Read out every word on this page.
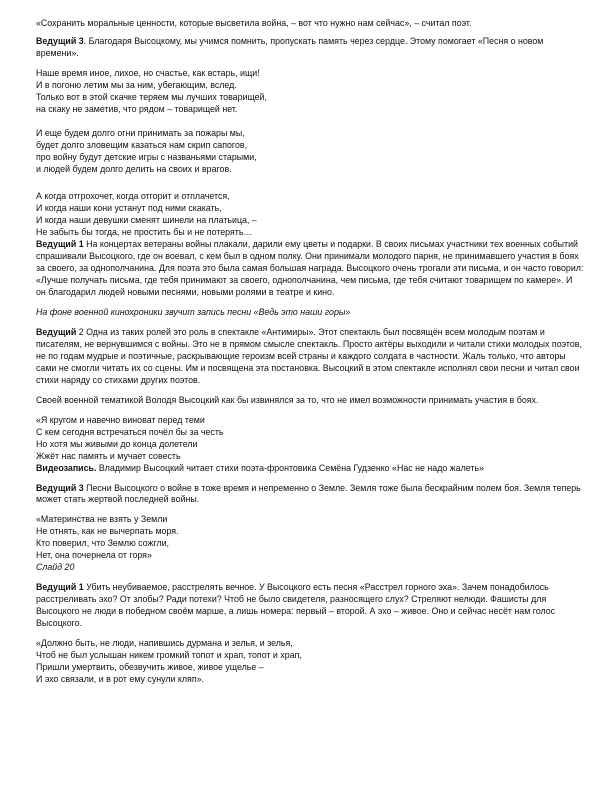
«Сохранить моральные ценности, которые высветила война, – вот что нужно нам сейчас», – считал поэт.

Ведущий 3. Благодаря Высоцкому, мы учимся помнить, пропускать память через сердце. Этому помогает «Песня о новом времени».

Наше время иное, лихое, но счастье, как встарь, ищи!
И в погоню летим мы за ним, убегающим, вслед.
Только вот в этой скачке теряем мы лучших товарищей,
на скаку не заметив, что рядом – товарищей нет.
И еще будем долго огни принимать за пожары мы,
будет долго зловещим казаться нам скрип сапогов,
про войну будут детские игры с названьями старыми,
и людей будем долго делить на своих и врагов.
А когда отгрохочет, когда отгорит и отплачется,
И когда наши кони устанут под ними скакать,
И когда наши девушки сменят шинели на платьица, –
Не забыть бы тогда, не простить бы и не потерять…

Ведущий 1 На концертах ветераны войны плакали, дарили ему цветы и подарки. В своих письмах участники тех военных событий спрашивали Высоцкого, где он воевал, с кем был в одном полку. Они принимали молодого парня, не принимавшего участия в боях за своего, за однополчанина. Для поэта это была самая большая награда. Высоцкого очень трогали эти письма, и он часто говорил: «Лучше получать письма, где тебя принимают за своего, однополчанина, чем письма, где тебя считают товарищем по камере». И он благодарил людей новыми песнями, новыми ролями в театре и кино.

На фоне военной кинохроники звучит запись песни «Ведь это наши горы»

Ведущий 2 Одна из таких ролей это роль в спектакле «Антимиры». Этот спектакль был посвящён всем молодым поэтам и писателям, не вернувшимся с войны. Это не в прямом смысле спектакль. Просто актёры выходили и читали стихи молодых поэтов, не по годам мудрые и поэтичные, раскрывающие героизм всей страны и каждого солдата в частности. Жаль только, что авторы сами не смогли читать их со сцены. Им и посвящена эта постановка. Высоцкий в этом спектакле исполнял свои песни и читал свои стихи наряду со стихами других поэтов.

Своей военной тематикой Володя Высоцкий как бы извинялся за то, что не имел возможности принимать участия в боях.

«Я кругом и навечно виноват перед теми
С кем сегодня встречаться почёл бы за честь
Но хотя мы живыми до конца долетели
Жжёт нас память и мучает совесть

Видеозапись. Владимир Высоцкий читает стихи поэта-фронтовика Семёна Гудзенко «Нас не надо жалеть»

Ведущий 3 Песни Высоцкого о войне в тоже время и непременно о Земле. Земля тоже была бескрайним полем боя. Земля теперь может стать жертвой последней войны.

«Материнства не взять у Земли
Не отнять, как не вычерпать моря.
Кто поверил, что Землю сожгли,
Нет, она почернела от горя»
Слайд 20

Ведущий 1 Убить неубиваемое, расстрелять вечное. У Высоцкого есть песня «Расстрел горного эха». Зачем понадобилось расстреливать эхо? От злобы? Ради потехи? Чтоб не было свидетеля, разносящего слух? Стреляют нелюди. Фашисты для Высоцкого не люди в победном своём марше, а лишь номера: первый – второй. А эхо – живое. Оно и сейчас несёт нам голос Высоцкого.

«Должно быть, не люди, напившись дурмана и зелья, и зелья,
Чтоб не был услышан никем громкий топот и храп, топот и храп,
Пришли умертвить, обезвучить живое, живое ущелье –
И эхо связали, и в рот ему сунули кляп».
